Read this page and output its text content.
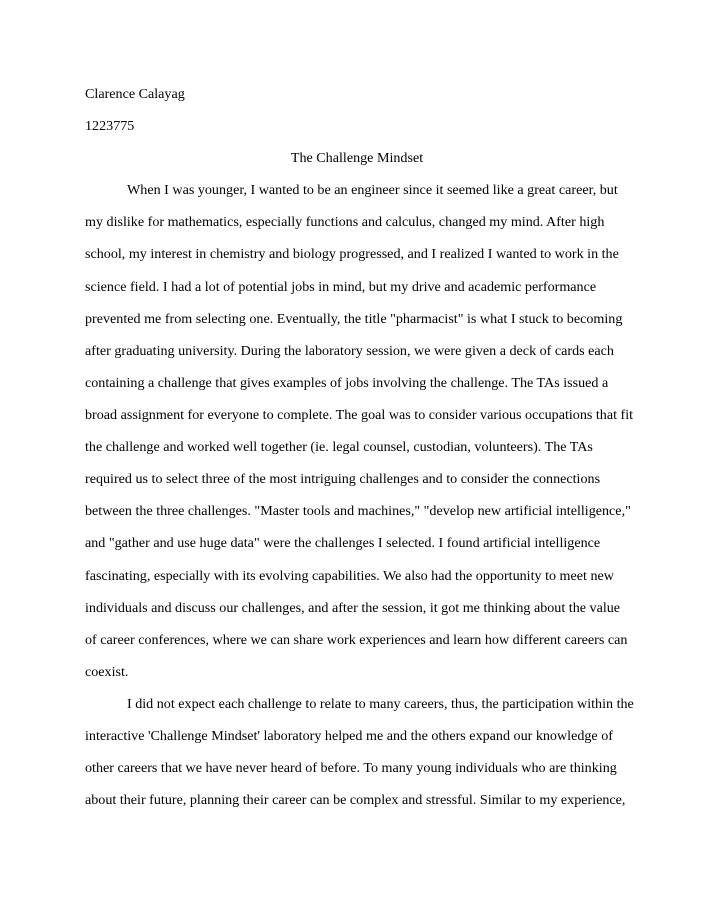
Clarence Calayag

1223775

The Challenge Mindset

When I was younger, I wanted to be an engineer since it seemed like a great career, but

my dislike for mathematics, especially functions and calculus, changed my mind. After high

school, my interest in chemistry and biology progressed, and I realized I wanted to work in the

science field. I had a lot of potential jobs in mind, but my drive and academic performance

prevented me from selecting one. Eventually, the title "pharmacist" is what I stuck to becoming

after graduating university. During the laboratory session, we were given a deck of cards each

containing a challenge that gives examples of jobs involving the challenge. The TAs issued a

broad assignment for everyone to complete. The goal was to consider various occupations that fit

the challenge and worked well together (ie. legal counsel, custodian, volunteers). The TAs

required us to select three of the most intriguing challenges and to consider the connections

between the three challenges. "Master tools and machines," "develop new artificial intelligence,"

and "gather and use huge data" were the challenges I selected. I found artificial intelligence

fascinating, especially with its evolving capabilities. We also had the opportunity to meet new

individuals and discuss our challenges, and after the session, it got me thinking about the value

of career conferences, where we can share work experiences and learn how different careers can

coexist.

I did not expect each challenge to relate to many careers, thus, the participation within the

interactive 'Challenge Mindset' laboratory helped me and the others expand our knowledge of

other careers that we have never heard of before. To many young individuals who are thinking

about their future, planning their career can be complex and stressful. Similar to my experience,
